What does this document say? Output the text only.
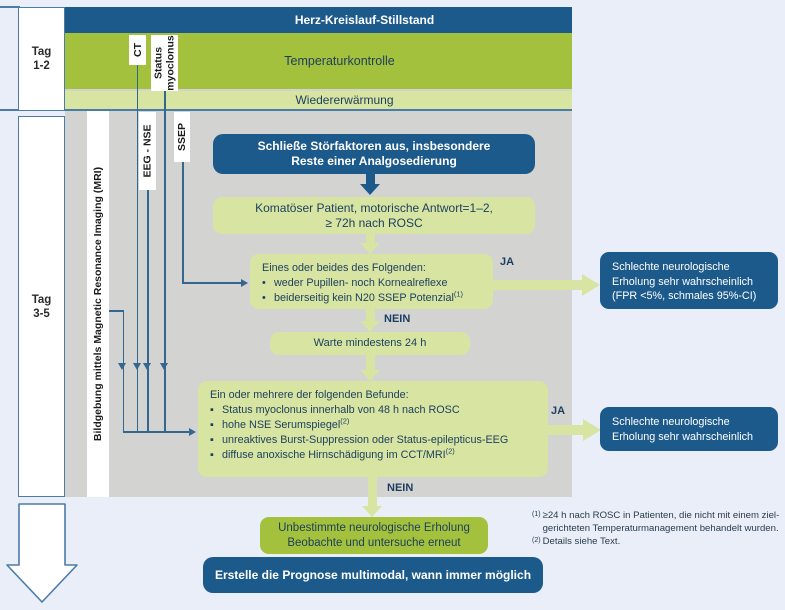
Herz-Kreislauf-Stillstand
Temperaturkontrolle
Wiedererwärmung
Tag
1-2
Tag
3-5	Bildgebung mittels Magnetic Resonance Imaging (MRI)
CT Status myoclonus
EEG - NSE SSEP	Schließe Störfaktoren aus, insbesondere
Reste einer Analgosedierung
Komatöser Patient, motorische Antwort=1–2,
≥ 72h nach ROSC
Eines oder beides des Folgenden:
• weder Pupillen- noch Kornealreflexe
• beiderseitig kein N20 SSEP Potenzial$^{(1)}$
JA
NEIN
Schlechte neurologische Erholung sehr wahrscheinlich (FPR <5%, schmales 95%-CI)
Warte mindestens 24 h
Ein oder mehrere der folgenden Befunde:
▪ Status myoclonus innerhalb von 48 h nach ROSC
▪ hohe NSE Serumspiegel$^{(2)}$
▪ unreaktives Burst-Suppression oder Status-epilepticus-EEG
▪ diffuse anoxische Hirnschädigung im CCT/MRI$^{(2)}$
JA
NEIN
Schlechte neurologische Erholung sehr wahrscheinlich
Unbestimmte neurologische Erholung
Beobachte und untersuche erneut
Erstelle die Prognose multimodal, wann immer möglich
(1) ≥24 h nach ROSC in Patienten, die nicht mit einem ziel-gerichteten Temperaturmanagement behandelt wurden.
(2) Details siehe Text.
